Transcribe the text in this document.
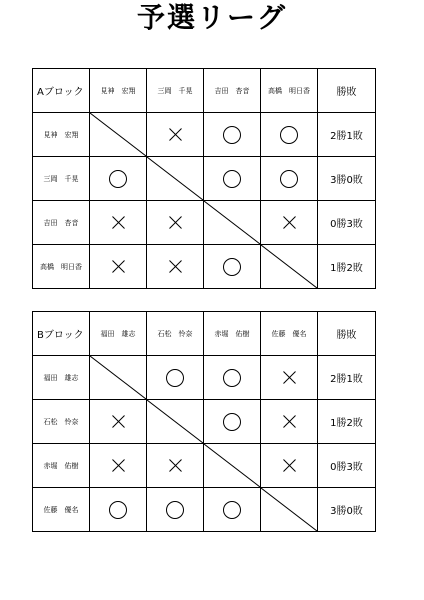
予選リーグ
Aブロック	見神　宏翔	三岡　千晃	吉田　杏音	高橋　明日香	勝敗
見神　宏翔					2勝1敗
三岡　千晃					3勝0敗
吉田　杏音					0勝3敗
高橋　明日香					1勝2敗
Bブロック	福田　雄志	石松　怜奈	赤堀　佑樹	佐藤　優名	勝敗
福田　雄志					2勝1敗
石松　怜奈					1勝2敗
赤堀　佑樹					0勝3敗
佐藤　優名					3勝0敗
